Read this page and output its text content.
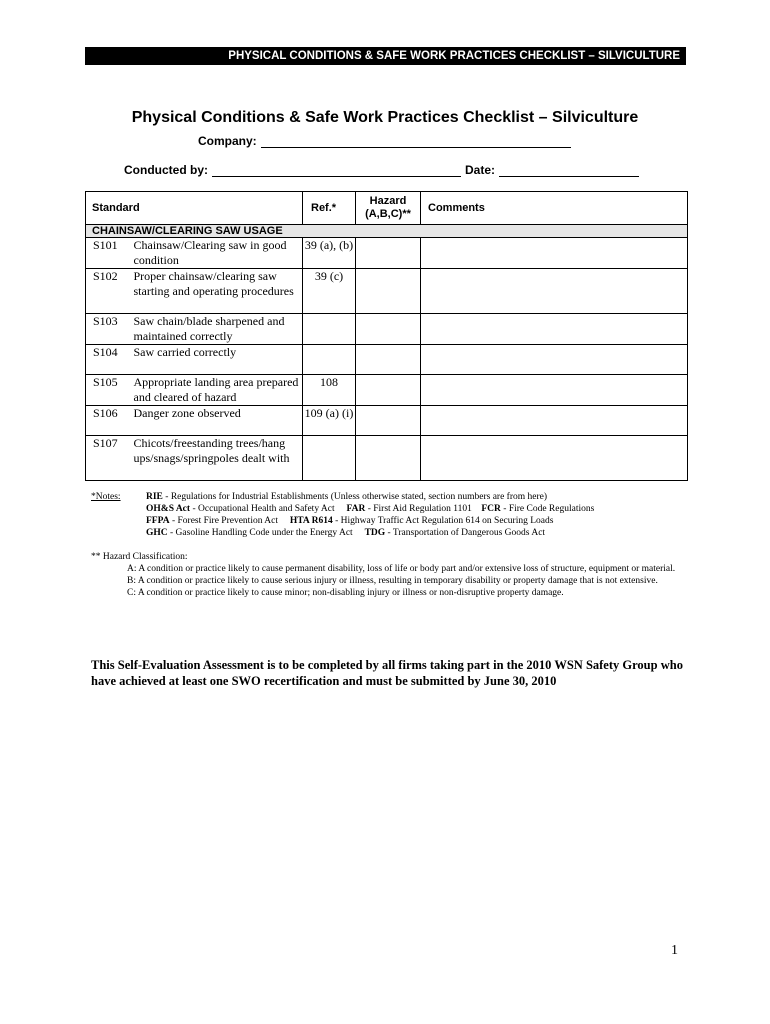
PHYSICAL CONDITIONS & SAFE WORK PRACTICES CHECKLIST – SILVICULTURE
Physical Conditions & Safe Work Practices Checklist – Silviculture
Company:
Conducted by:	Date:
Standard		Ref.*	Hazard (A,B,C)**	Comments
CHAINSAW/CLEARING SAW USAGE				
S101	Chainsaw/Clearing saw in good condition	39 (a), (b)		
S102	Proper chainsaw/clearing saw starting and operating procedures	39 (c)		
S103	Saw chain/blade sharpened and maintained correctly			
S104	Saw carried correctly			
S105	Appropriate landing area prepared and cleared of hazard	108		
S106	Danger zone observed	109 (a) (i)		
S107	Chicots/freestanding trees/hang ups/snags/springpoles dealt with			
*Notes:	RIE - Regulations for Industrial Establishments (Unless otherwise stated, section numbers are from here)
OH&S Act - Occupational Health and Safety Act FAR - First Aid Regulation 1101 FCR - Fire Code Regulations
FFPA - Forest Fire Prevention Act HTA R614 - Highway Traffic Act Regulation 614 on Securing Loads
GHC - Gasoline Handling Code under the Energy Act TDG - Transportation of Dangerous Goods Act
** Hazard Classification:
A: A condition or practice likely to cause permanent disability, loss of life or body part and/or extensive loss of structure, equipment or material.
B: A condition or practice likely to cause serious injury or illness, resulting in temporary disability or property damage that is not extensive.
C: A condition or practice likely to cause minor; non-disabling injury or illness or non-disruptive property damage.
This Self-Evaluation Assessment is to be completed by all firms taking part in the 2010 WSN Safety Group who have achieved at least one SWO recertification and must be submitted by June 30, 2010
1
